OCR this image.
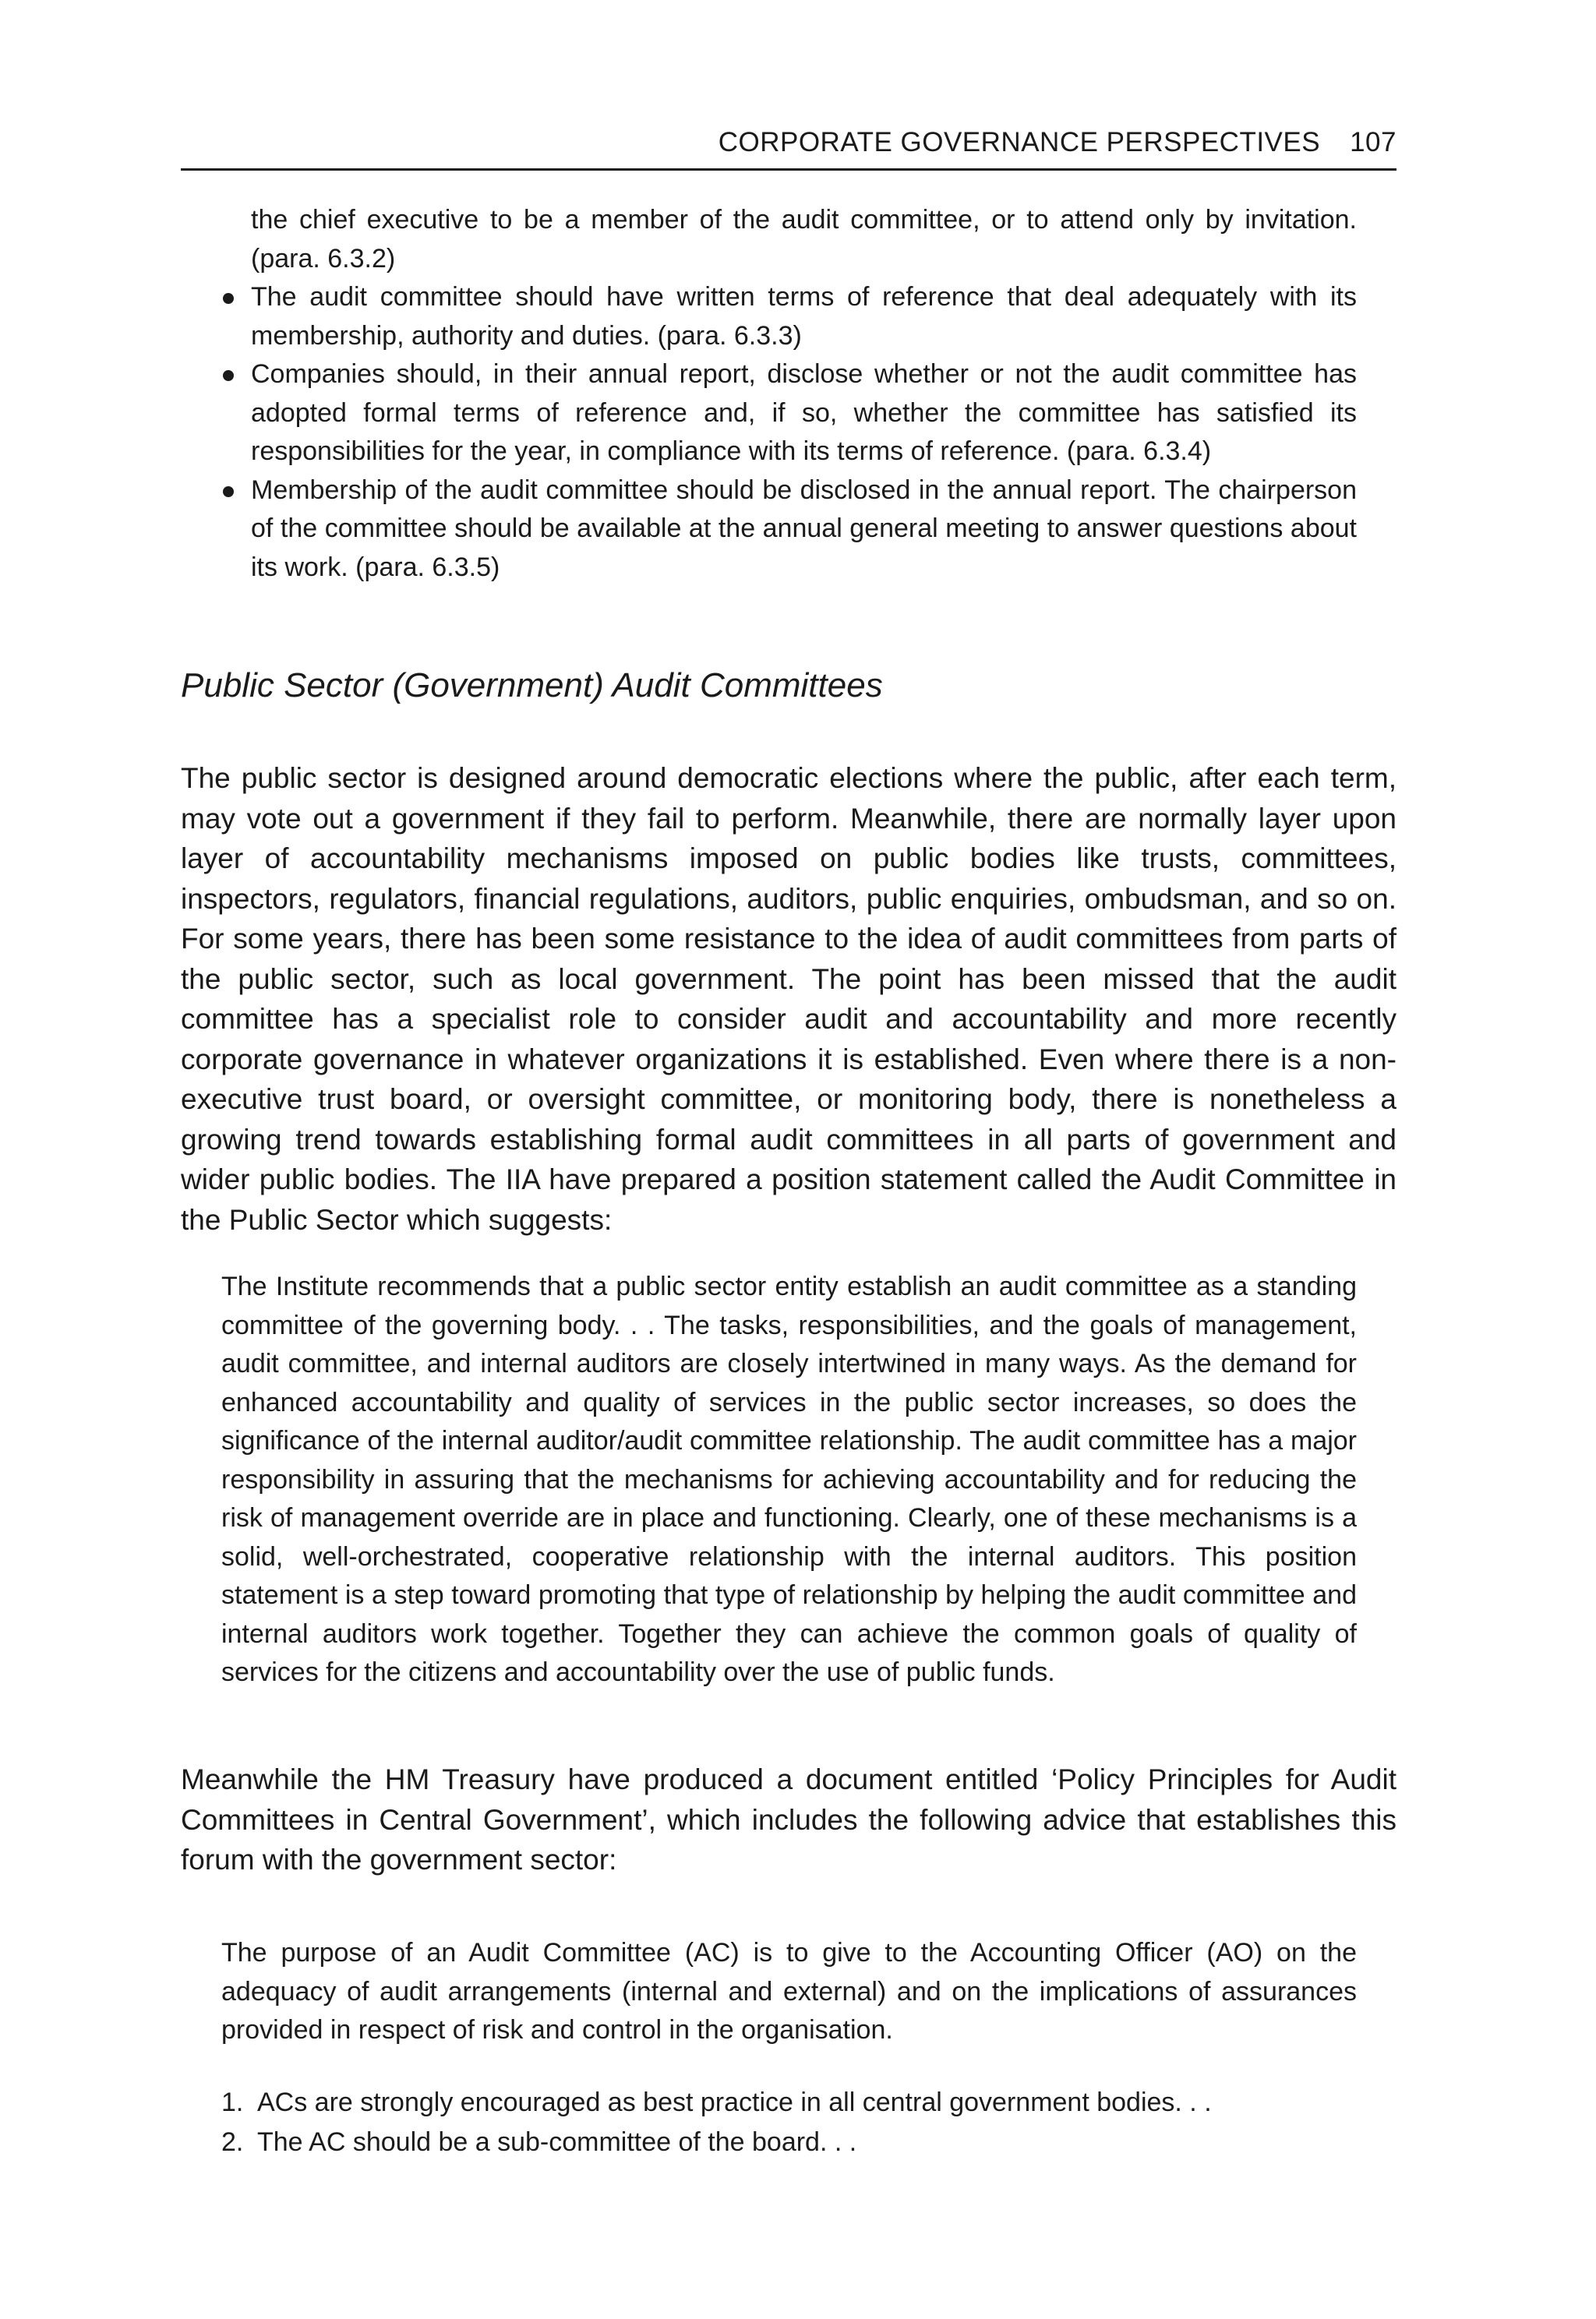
CORPORATE GOVERNANCE PERSPECTIVES 107
the chief executive to be a member of the audit committee, or to attend only by invitation. (para. 6.3.2)
The audit committee should have written terms of reference that deal adequately with its membership, authority and duties. (para. 6.3.3)
Companies should, in their annual report, disclose whether or not the audit committee has adopted formal terms of reference and, if so, whether the committee has satisfied its responsibilities for the year, in compliance with its terms of reference. (para. 6.3.4)
Membership of the audit committee should be disclosed in the annual report. The chairperson of the committee should be available at the annual general meeting to answer questions about its work. (para. 6.3.5)
Public Sector (Government) Audit Committees

The public sector is designed around democratic elections where the public, after each term, may vote out a government if they fail to perform. Meanwhile, there are normally layer upon layer of accountability mechanisms imposed on public bodies like trusts, committees, inspectors, regulators, financial regulations, auditors, public enquiries, ombudsman, and so on. For some years, there has been some resistance to the idea of audit committees from parts of the public sector, such as local government. The point has been missed that the audit committee has a specialist role to consider audit and accountability and more recently corporate governance in whatever organizations it is established. Even where there is a non-executive trust board, or oversight committee, or monitoring body, there is nonetheless a growing trend towards establishing formal audit committees in all parts of government and wider public bodies. The IIA have prepared a position statement called the Audit Committee in the Public Sector which suggests:

The Institute recommends that a public sector entity establish an audit committee as a standing committee of the governing body. . . The tasks, responsibilities, and the goals of management, audit committee, and internal auditors are closely intertwined in many ways. As the demand for enhanced accountability and quality of services in the public sector increases, so does the significance of the internal auditor/audit committee relationship. The audit committee has a major responsibility in assuring that the mechanisms for achieving accountability and for reducing the risk of management override are in place and functioning. Clearly, one of these mechanisms is a solid, well-orchestrated, cooperative relationship with the internal auditors. This position statement is a step toward promoting that type of relationship by helping the audit committee and internal auditors work together. Together they can achieve the common goals of quality of services for the citizens and accountability over the use of public funds.

Meanwhile the HM Treasury have produced a document entitled ‘Policy Principles for Audit Committees in Central Government’, which includes the following advice that establishes this forum with the government sector:

The purpose of an Audit Committee (AC) is to give to the Accounting Officer (AO) on the adequacy of audit arrangements (internal and external) and on the implications of assurances provided in respect of risk and control in the organisation.
1. ACs are strongly encouraged as best practice in all central government bodies. . .
2. The AC should be a sub-committee of the board. . .
